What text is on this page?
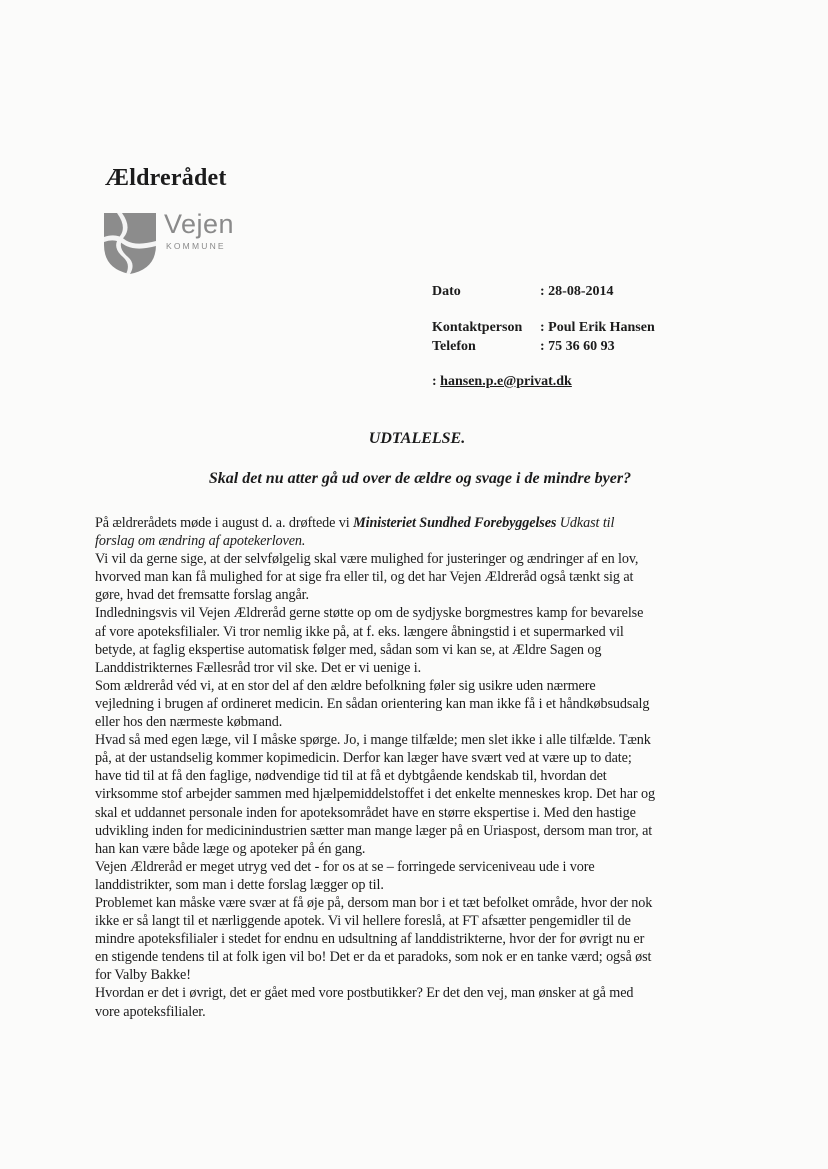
Ældrerådet
Vejen
KOMMUNE
Dato	: 28-08-2014
Kontaktperson : Poul Erik Hansen
Telefon	: 75 36 60 93
: hansen.p.e@privat.dk
UDTALELSE.
Skal det nu atter gå ud over de ældre og svage i de mindre byer?
På ældrerådets møde i august d. a. drøftede vi Ministeriet Sundhed Forebyggelses Udkast til
forslag om ændring af apotekerloven.
Vi vil da gerne sige, at der selvfølgelig skal være mulighed for justeringer og ændringer af en lov,
hvorved man kan få mulighed for at sige fra eller til, og det har Vejen Ældreråd også tænkt sig at
gøre, hvad det fremsatte forslag angår.
Indledningsvis vil Vejen Ældreråd gerne støtte op om de sydjyske borgmestres kamp for bevarelse
af vore apoteksfilialer. Vi tror nemlig ikke på, at f. eks. længere åbningstid i et supermarked vil
betyde, at faglig ekspertise automatisk følger med, sådan som vi kan se, at Ældre Sagen og
Landdistrikternes Fællesråd tror vil ske. Det er vi uenige i.
Som ældreråd véd vi, at en stor del af den ældre befolkning føler sig usikre uden nærmere
vejledning i brugen af ordineret medicin. En sådan orientering kan man ikke få i et håndkøbsudsalg
eller hos den nærmeste købmand.
Hvad så med egen læge, vil I måske spørge. Jo, i mange tilfælde; men slet ikke i alle tilfælde. Tænk
på, at der ustandselig kommer kopimedicin. Derfor kan læger have svært ved at være up to date;
have tid til at få den faglige, nødvendige tid til at få et dybtgående kendskab til, hvordan det
virksomme stof arbejder sammen med hjælpemiddelstoffet i det enkelte menneskes krop. Det har og
skal et uddannet personale inden for apoteksområdet have en større ekspertise i. Med den hastige
udvikling inden for medicinindustrien sætter man mange læger på en Uriaspost, dersom man tror, at
han kan være både læge og apoteker på én gang.
Vejen Ældreråd er meget utryg ved det - for os at se – forringede serviceniveau ude i vore
landdistrikter, som man i dette forslag lægger op til.
Problemet kan måske være svær at få øje på, dersom man bor i et tæt befolket område, hvor der nok
ikke er så langt til et nærliggende apotek. Vi vil hellere foreslå, at FT afsætter pengemidler til de
mindre apoteksfilialer i stedet for endnu en udsultning af landdistrikterne, hvor der for øvrigt nu er
en stigende tendens til at folk igen vil bo! Det er da et paradoks, som nok er en tanke værd; også øst
for Valby Bakke!
Hvordan er det i øvrigt, det er gået med vore postbutikker? Er det den vej, man ønsker at gå med
vore apoteksfilialer.
